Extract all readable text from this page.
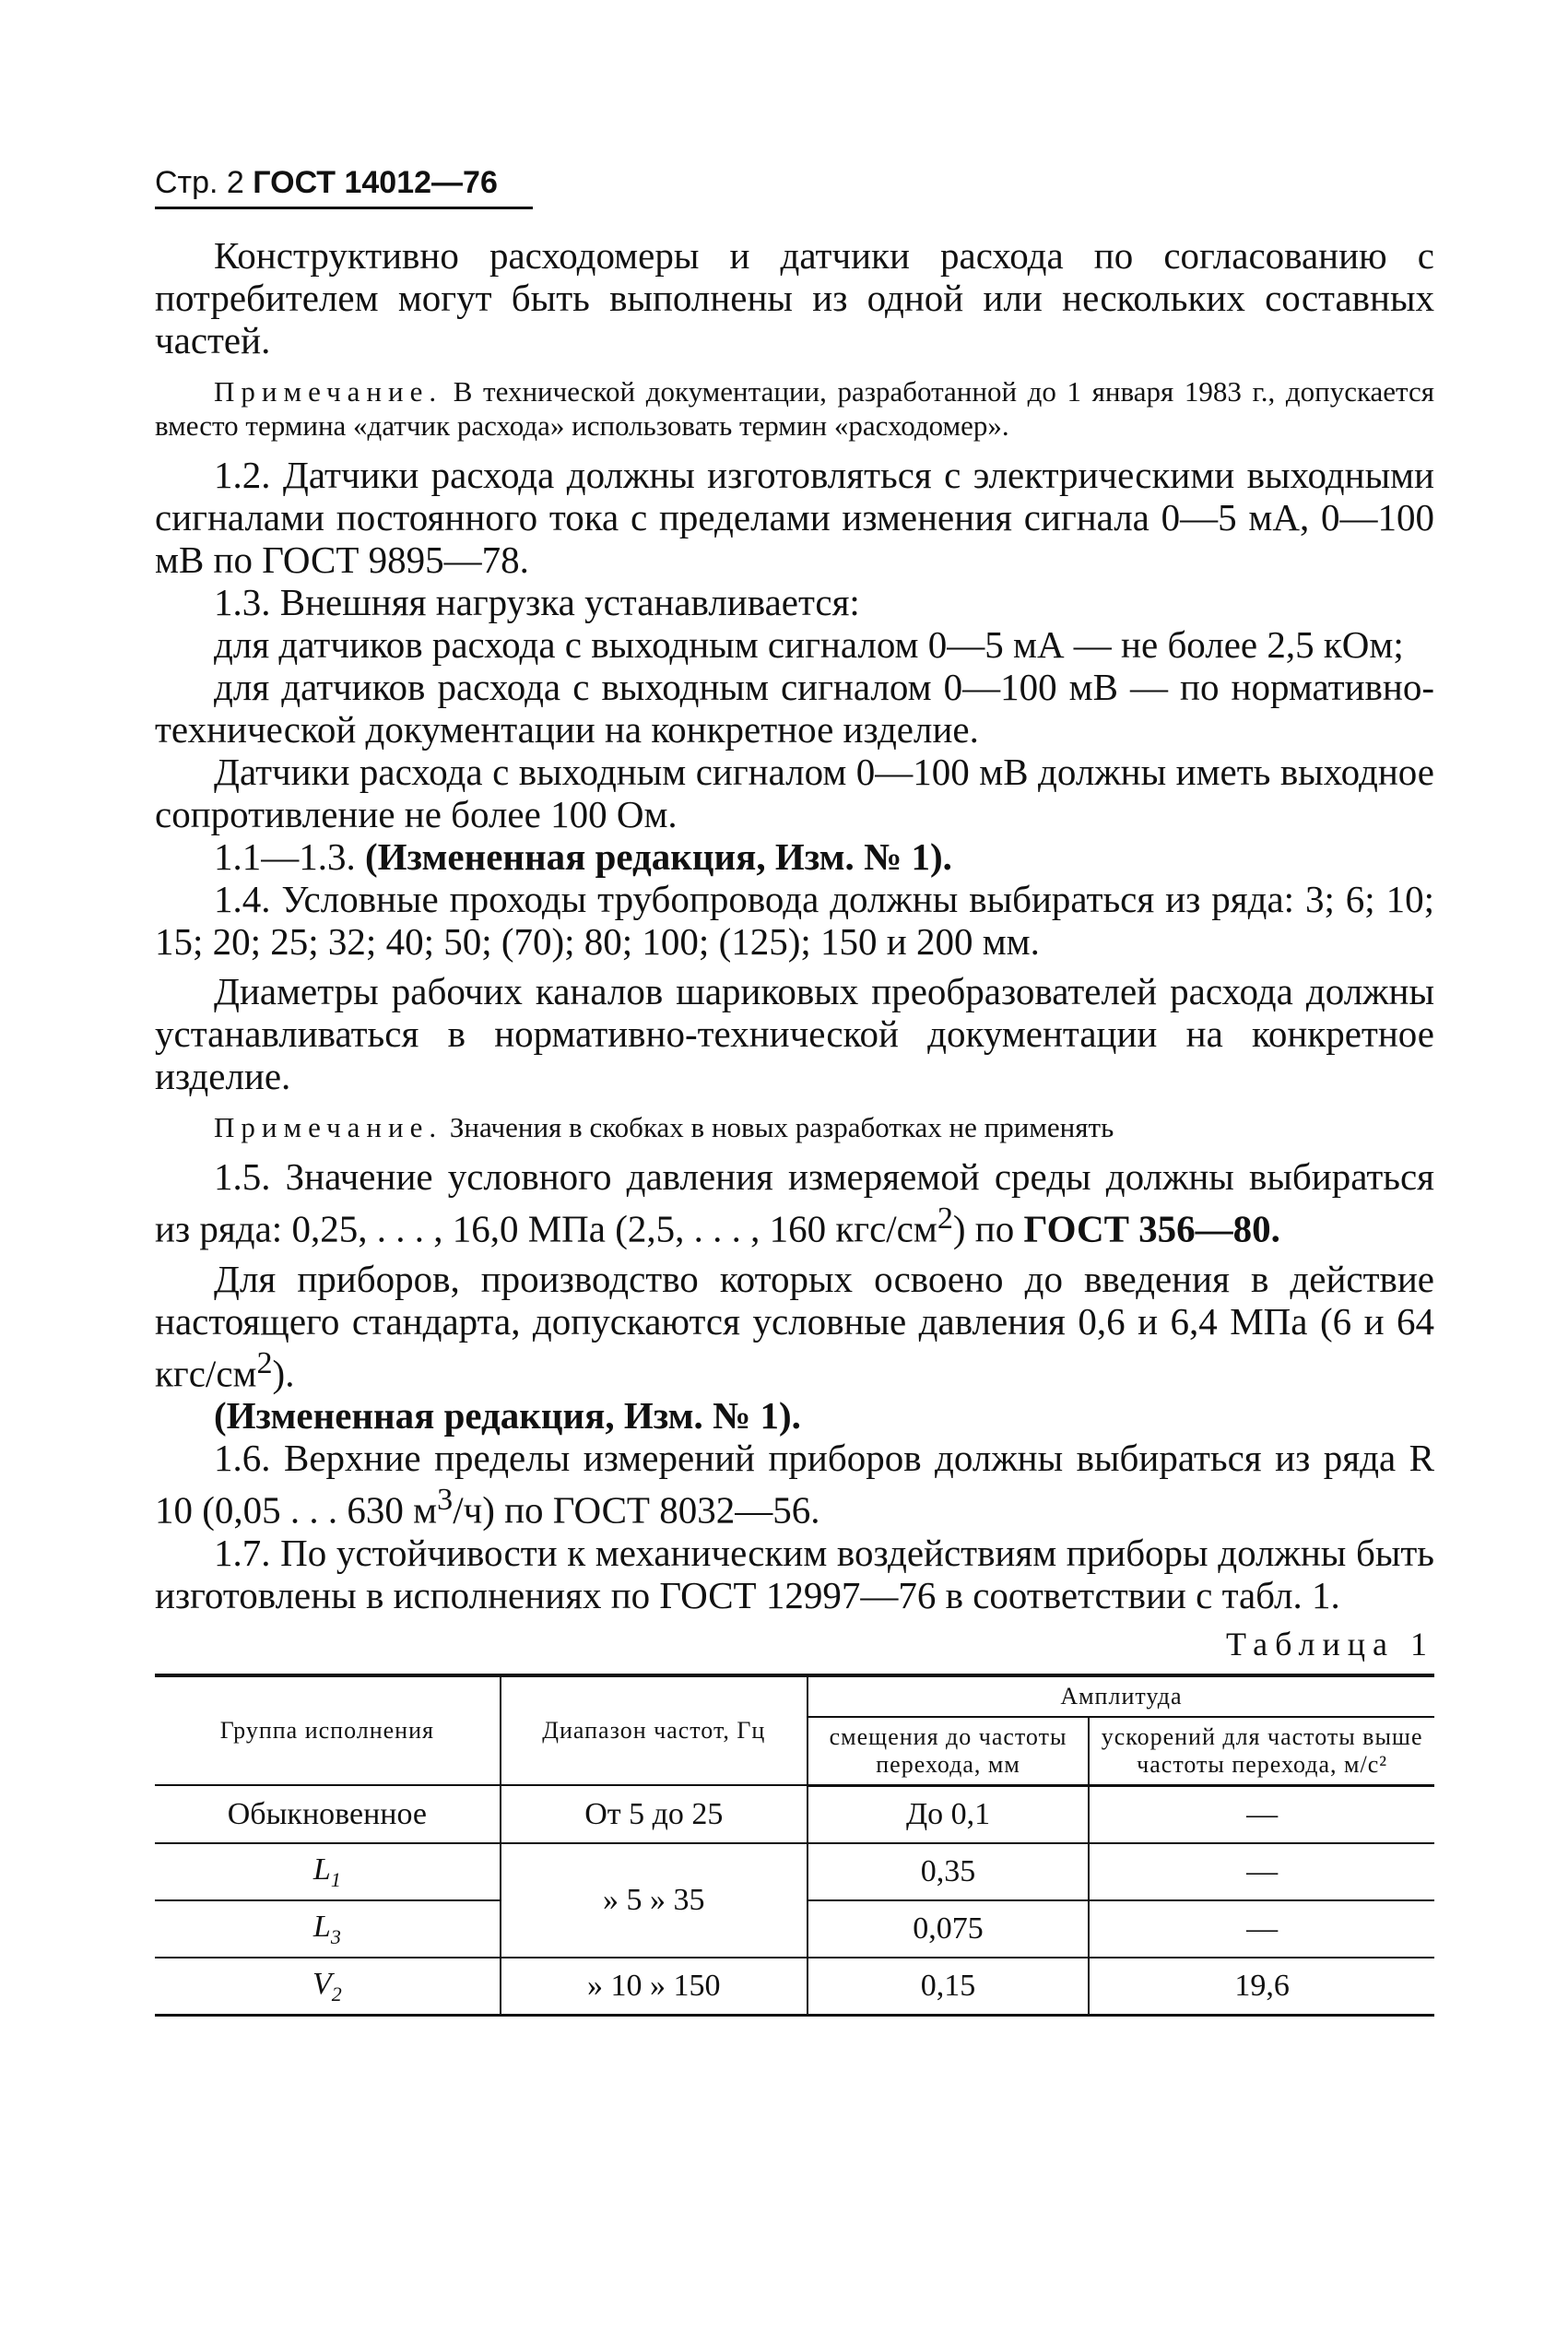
Стр. 2 ГОСТ 14012—76

Конструктивно расходомеры и датчики расхода по согласованию с потребителем могут быть выполнены из одной или нескольких составных частей.

Примечание. В технической документации, разработанной до 1 января 1983 г., допускается вместо термина «датчик расхода» использовать термин «расходомер».

1.2. Датчики расхода должны изготовляться с электрическими выходными сигналами постоянного тока с пределами изменения сигнала 0—5 мА, 0—100 мВ по ГОСТ 9895—78.

1.3. Внешняя нагрузка устанавливается:

для датчиков расхода с выходным сигналом 0—5 мА — не более 2,5 кОм;

для датчиков расхода с выходным сигналом 0—100 мВ — по нормативно-технической документации на конкретное изделие.

Датчики расхода с выходным сигналом 0—100 мВ должны иметь выходное сопротивление не более 100 Ом.

1.1—1.3. (Измененная редакция, Изм. № 1).

1.4. Условные проходы трубопровода должны выбираться из ряда: 3; 6; 10; 15; 20; 25; 32; 40; 50; (70); 80; 100; (125); 150 и 200 мм.

Диаметры рабочих каналов шариковых преобразователей расхода должны устанавливаться в нормативно-технической документации на конкретное изделие.

Примечание. Значения в скобках в новых разработках не применять

1.5. Значение условного давления измеряемой среды должны выбираться из ряда: 0,25, . . . , 16,0 МПа (2,5, . . . , 160 кгс/$см^2$) по ГОСТ 356—80.

Для приборов, производство которых освоено до введения в действие настоящего стандарта, допускаются условные давления 0,6 и 6,4 МПа (6 и 64 кгс/$см^2$).

(Измененная редакция, Изм. № 1).

1.6. Верхние пределы измерений приборов должны выбираться из ряда R 10 (0,05 . . . 630 $м^3/ч$) по ГОСТ 8032—56.

1.7. По устойчивости к механическим воздействиям приборы должны быть изготовлены в исполнениях по ГОСТ 12997—76 в соответствии с табл. 1.

Таблица 1
Группа исполнения	Диапазон частот, Гц	Амплитуда	
		смещения до частоты перехода, мм	ускорений для частоты выше частоты перехода, м/с²
Обыкновенное	От 5 до 25	До 0,1	—
$L_1$	» 5 » 35	0,35	—
$L_3$		0,075	—
$V_2$	» 10 » 150	0,15	19,6
